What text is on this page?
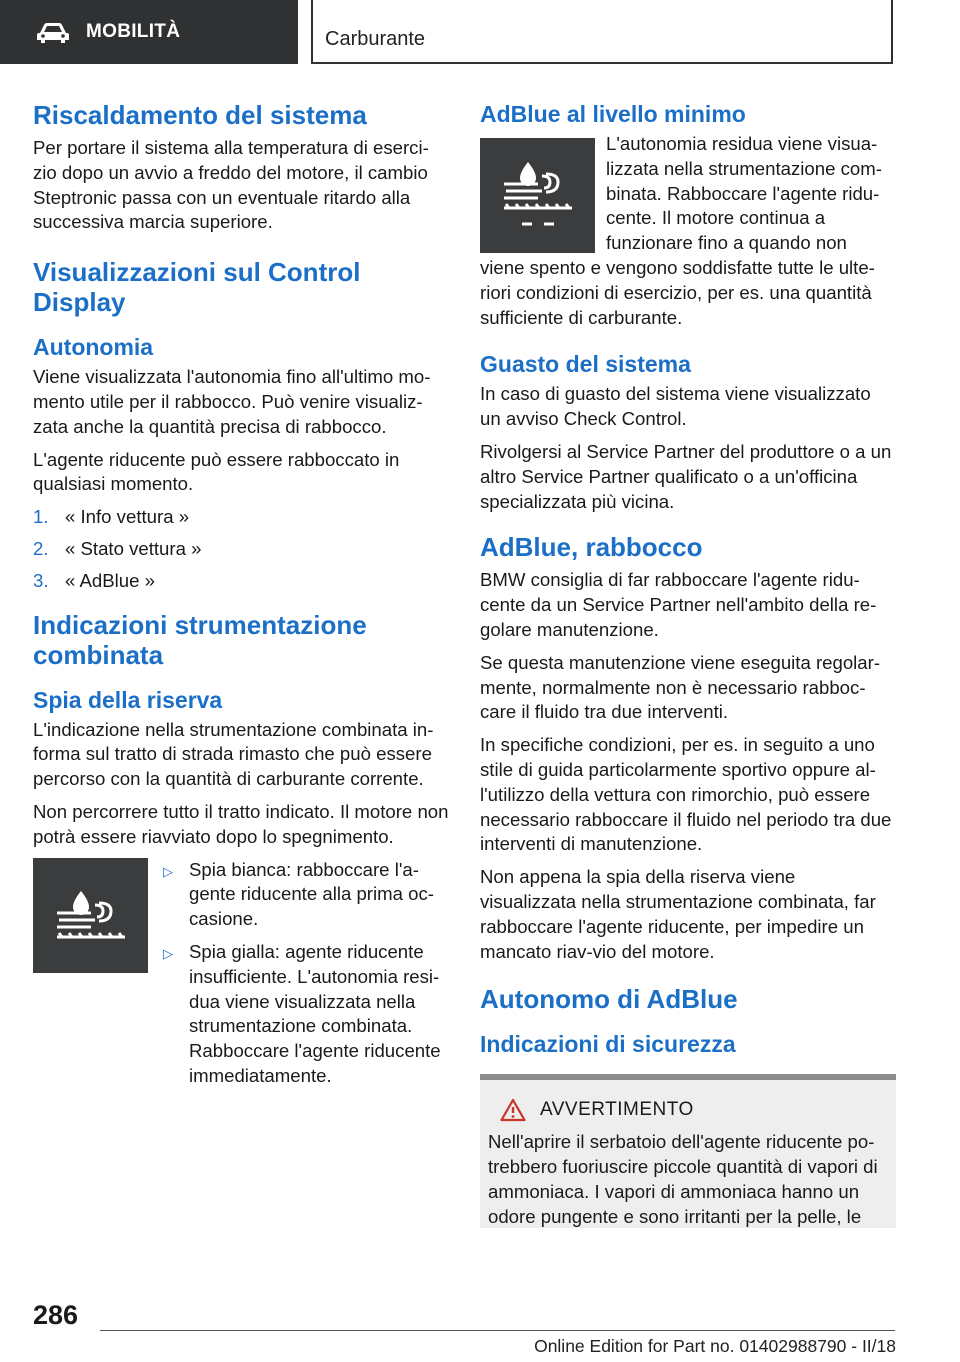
MOBILITÀ	Carburante
Riscaldamento del sistema

Per portare il sistema alla temperatura di eserci-zio dopo un avvio a freddo del motore, il cambio Steptronic passa con un eventuale ritardo alla successiva marcia superiore.

Visualizzazioni sul Control
Display
Autonomia

Viene visualizzata l'autonomia fino all'ultimo mo-mento utile per il rabbocco. Può venire visualiz-zata anche la quantità precisa di rabbocco.

L'agente riducente può essere rabboccato in qualsiasi momento.

1. « Info vettura »
2. « Stato vettura »
3. « AdBlue »
Indicazioni strumentazione
combinata
Spia della riserva

L'indicazione nella strumentazione combinata in-forma sul tratto di strada rimasto che può essere percorso con la quantità di carburante corrente.

Non percorrere tutto il tratto indicato. Il motore non potrà essere riavviato dopo lo spegnimento.

▷ Spia bianca: rabboccare l'a-gente riducente alla prima oc-casione.
▷ Spia gialla: agente riducente insufficiente. L'autonomia resi-dua viene visualizzata nella strumentazione combinata. Rabboccare l'agente riducente immediatamente.
AdBlue al livello minimo

L'autonomia residua viene visua-lizzata nella strumentazione com-binata. Rabboccare l'agente ridu-cente. Il motore continua a funzionare fino a quando non viene spento e vengono soddisfatte tutte le ulte-riori condizioni di esercizio, per es. una quantità sufficiente di carburante.

Guasto del sistema

In caso di guasto del sistema viene visualizzato un avviso Check Control.

Rivolgersi al Service Partner del produttore o a un altro Service Partner qualificato o a un'officina specializzata più vicina.

AdBlue, rabbocco

BMW consiglia di far rabboccare l'agente ridu-cente da un Service Partner nell'ambito della re-golare manutenzione.

Se questa manutenzione viene eseguita regolar-mente, normalmente non è necessario rabboc-care il fluido tra due interventi.

In specifiche condizioni, per es. in seguito a uno stile di guida particolarmente sportivo oppure al-l'utilizzo della vettura con rimorchio, può essere necessario rabboccare il fluido nel periodo tra due interventi di manutenzione.

Non appena la spia della riserva viene visualizzata nella strumentazione combinata, far rabboccare l'agente riducente, per impedire un mancato riav-vio del motore.

Autonomo di AdBlue
Indicazioni di sicurezza
AVVERTIMENTO

Nell'aprire il serbatoio dell'agente riducente po-trebbero fuoriuscire piccole quantità di vapori di ammoniaca. I vapori di ammoniaca hanno un odore pungente e sono irritanti per la pelle, le

286
Online Edition for Part no. 01402988790 - II/18
